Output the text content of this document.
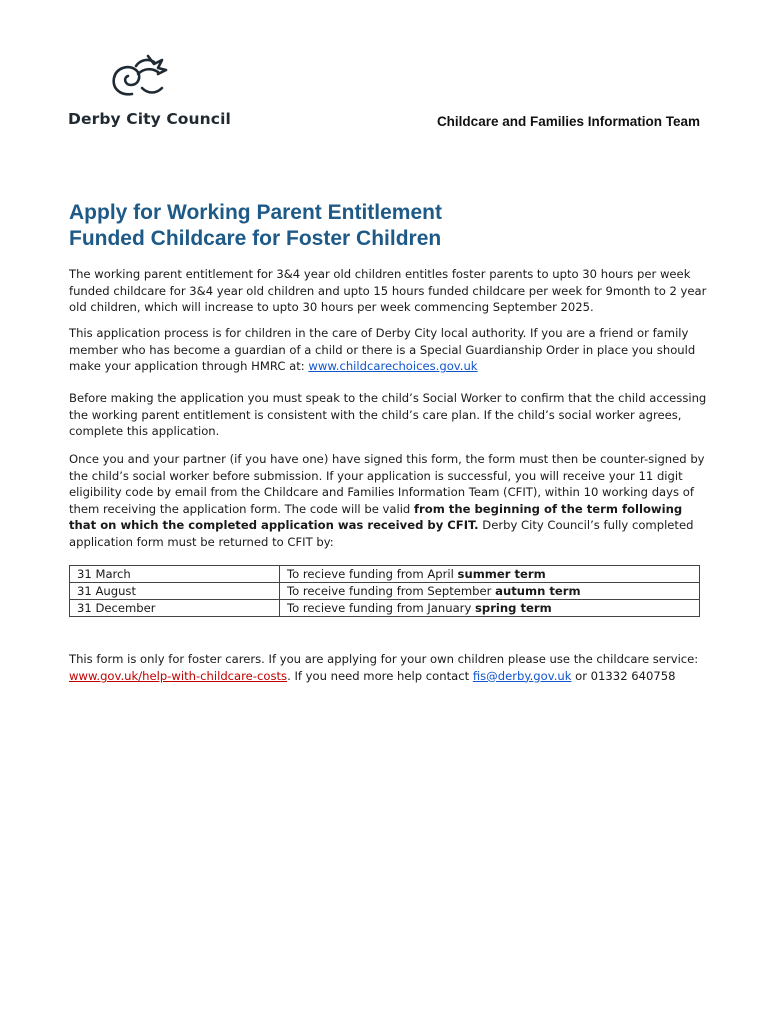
Derby City Council	Childcare and Families Information Team
Apply for Working Parent Entitlement
Funded Childcare for Foster Children

The working parent entitlement for 3&4 year old children entitles foster parents to upto 30 hours per week funded childcare for 3&4 year old children and upto 15 hours funded childcare per week for 9month to 2 year old children, which will increase to upto 30 hours per week commencing September 2025.

This application process is for children in the care of Derby City local authority. If you are a friend or family member who has become a guardian of a child or there is a Special Guardianship Order in place you should make your application through HMRC at: www.childcarechoices.gov.uk

Before making the application you must speak to the child’s Social Worker to confirm that the child accessing the working parent entitlement is consistent with the child’s care plan. If the child’s social worker agrees, complete this application.

Once you and your partner (if you have one) have signed this form, the form must then be counter-signed by the child’s social worker before submission. If your application is successful, you will receive your 11 digit eligibility code by email from the Childcare and Families Information Team (CFIT), within 10 working days of them receiving the application form. The code will be valid from the beginning of the term following that on which the completed application was received by CFIT. Derby City Council’s fully completed application form must be returned to CFIT by:

31 March	To recieve funding from April summer term
31 August	To receive funding from September autumn term
31 December	To recieve funding from January spring term

This form is only for foster carers. If you are applying for your own children please use the childcare service: www.gov.uk/help-with-childcare-costs. If you need more help contact fis@derby.gov.uk or 01332 640758
